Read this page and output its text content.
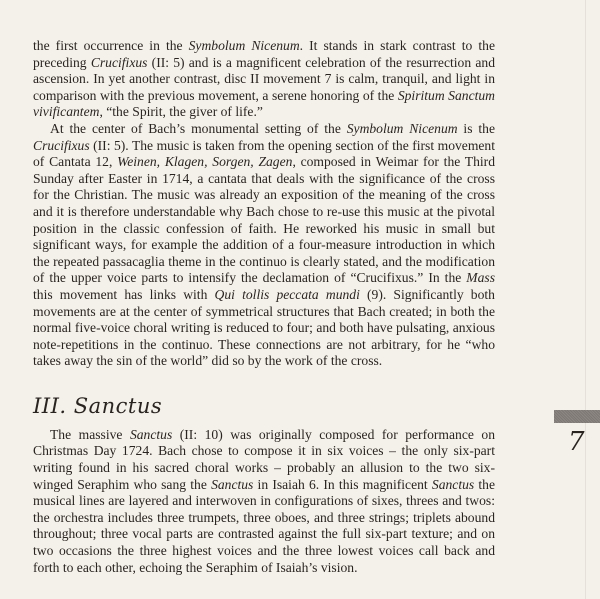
the first occurrence in the Symbolum Nicenum. It stands in stark contrast to the preceding Crucifixus (II: 5) and is a magnificent celebration of the resurrection and ascension. In yet another contrast, disc II movement 7 is calm, tranquil, and light in comparison with the previous movement, a serene honoring of the Spiritum Sanctum vivificantem, “the Spirit, the giver of life.”

At the center of Bach’s monumental setting of the Symbolum Nicenum is the Crucifixus (II: 5). The music is taken from the opening section of the first movement of Cantata 12, Weinen, Klagen, Sorgen, Zagen, composed in Weimar for the Third Sunday after Easter in 1714, a cantata that deals with the significance of the cross for the Christian. The music was already an exposition of the meaning of the cross and it is therefore understandable why Bach chose to re-use this music at the pivotal position in the classic confession of faith. He reworked his music in small but significant ways, for example the addition of a four-measure introduction in which the repeated passacaglia theme in the continuo is clearly stated, and the modification of the upper voice parts to intensify the declamation of “Crucifixus.” In the Mass this movement has links with Qui tollis peccata mundi (9). Significantly both movements are at the center of symmetrical structures that Bach created; in both the normal five-voice choral writing is reduced to four; and both have pulsating, anxious note-repetitions in the continuo. These connections are not arbitrary, for he “who takes away the sin of the world” did so by the work of the cross.

III. Sanctus

The massive Sanctus (II: 10) was originally composed for performance on Christmas Day 1724. Bach chose to compose it in six voices – the only six-part writing found in his sacred choral works – probably an allusion to the two six-winged Seraphim who sang the Sanctus in Isaiah 6. In this magnificent Sanctus the musical lines are layered and interwoven in configurations of sixes, threes and twos: the orchestra includes three trumpets, three oboes, and three strings; triplets abound throughout; three vocal parts are contrasted against the full six-part texture; and on two occasions the three highest voices and the three lowest voices call back and forth to each other, echoing the Seraphim of Isaiah’s vision.

7
